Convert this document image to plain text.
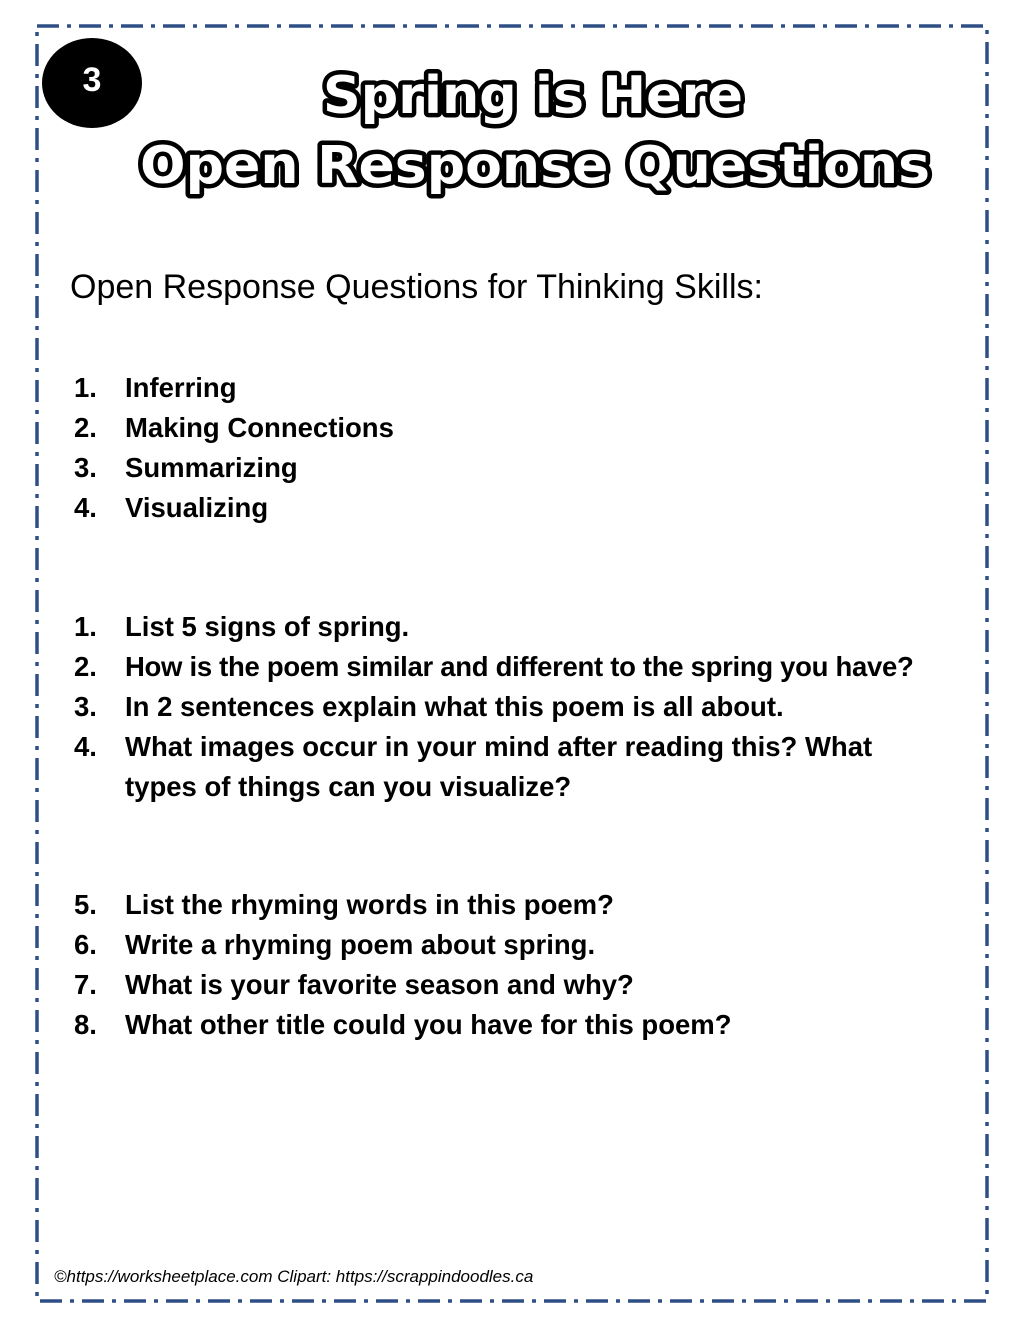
3	Spring is Here
Open Response Questions
Open Response Questions for Thinking Skills:
1.	Inferring
2.	Making Connections
3.	Summarizing
4.	Visualizing
1.	List 5 signs of spring.
2.	How is the poem similar and different to the spring you have?
3.	In 2 sentences explain what this poem is all about.
4.	What images occur in your mind after reading this? What types of things can you visualize?
5.	List the rhyming words in this poem?
6.	Write a rhyming poem about spring.
7.	What is your favorite season and why?
8.	What other title could you have for this poem?
©https://worksheetplace.com Clipart: https://scrappindoodles.ca
